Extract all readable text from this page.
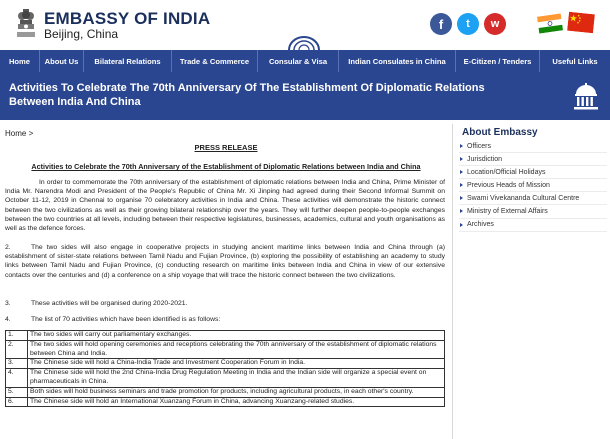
EMBASSY OF INDIA
Beijing, China
f	t	w
Home	About Us	Bilateral Relations	Trade & Commerce	Consular & Visa	Indian Consulates in China	E-Citizen / Tenders	Useful Links
Activities To Celebrate The 70th Anniversary Of The Establishment Of Diplomatic Relations Between India And China
Home >
PRESS RELEASE
Activities to Celebrate the 70th Anniversary of the Establishment of Diplomatic Relations between India and China
In order to commemorate the 70th anniversary of the establishment of diplomatic relations between India and China, Prime Minister of India Mr. Narendra Modi and President of the People's Republic of China Mr. Xi Jinping had agreed during their Second Informal Summit on October 11-12, 2019 in Chennai to organise 70 celebratory activities in India and China. These activities will demonstrate the historic connect between the two civilizations as well as their growing bilateral relationship over the years. They will further deepen people-to-people exchanges between the two countries at all levels, including between their respective legislatures, businesses, academics, cultural and youth organisations as well as the defence forces.
2.	The two sides will also engage in cooperative projects in studying ancient maritime links between India and China through (a) establishment of sister-state relations between Tamil Nadu and Fujian Province, (b) exploring the possibility of establishing an academy to study links between Tamil Nadu and Fujian Province, (c) conducting research on maritime links between India and China in view of our extensive contacts over the centuries and (d) a conference on a ship voyage that will trace the historic connect between the two civilizations.
3.	These activities will be organised during 2020-2021.
4.	The list of 70 activities which have been identified is as follows:
1.	The two sides will carry out parliamentary exchanges.
2.	The two sides will hold opening ceremonies and receptions celebrating the 70th anniversary of the establishment of diplomatic relations between China and India.
3.	The Chinese side will hold a China-India Trade and Investment Cooperation Forum in India.
4.	The Chinese side will hold the 2nd China-India Drug Regulation Meeting in India and the Indian side will organize a special event on pharmaceuticals in China.
5.	Both sides will hold business seminars and trade promotion for products, including agricultural products, in each other's country.
6.	The Chinese side will hold an International Xuanzang Forum in China, advancing Xuanzang-related studies.
About Embassy
Officers
Jurisdiction
Location/Official Holidays
Previous Heads of Mission
Swami Vivekananda Cultural Centre
Ministry of External Affairs
Archives
